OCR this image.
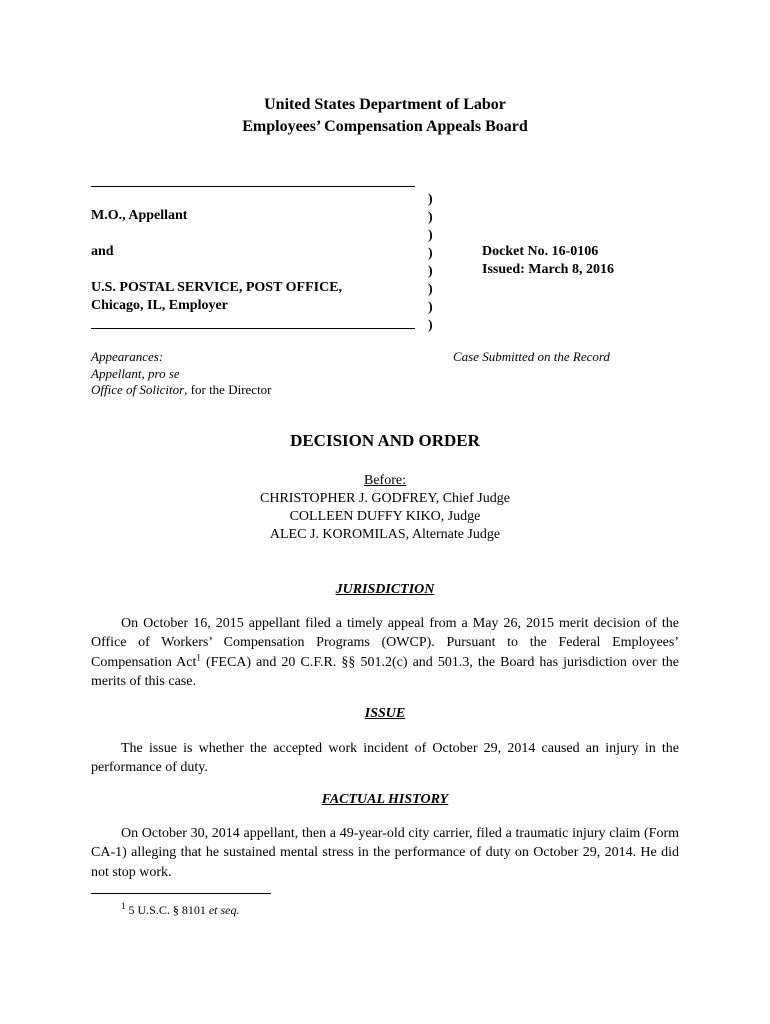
United States Department of Labor
Employees’ Compensation Appeals Board
)
)
)
)
)
)
)
)
M.O., Appellant
and
U.S. POSTAL SERVICE, POST OFFICE,
Chicago, IL, Employer
Docket No. 16-0106
Issued: March 8, 2016
Appearances:
Appellant, pro se
Office of Solicitor, for the Director
Case Submitted on the Record
DECISION AND ORDER
Before:
CHRISTOPHER J. GODFREY, Chief Judge
COLLEEN DUFFY KIKO, Judge
ALEC J. KOROMILAS, Alternate Judge
JURISDICTION
On October 16, 2015 appellant filed a timely appeal from a May 26, 2015 merit decision of the Office of Workers’ Compensation Programs (OWCP). Pursuant to the Federal Employees’ Compensation Act$^1$ (FECA) and 20 C.F.R. §§ 501.2(c) and 501.3, the Board has jurisdiction over the merits of this case.
ISSUE
The issue is whether the accepted work incident of October 29, 2014 caused an injury in the performance of duty.
FACTUAL HISTORY
On October 30, 2014 appellant, then a 49-year-old city carrier, filed a traumatic injury claim (Form CA-1) alleging that he sustained mental stress in the performance of duty on October 29, 2014. He did not stop work.
$^1$ 5 U.S.C. § 8101 et seq.
